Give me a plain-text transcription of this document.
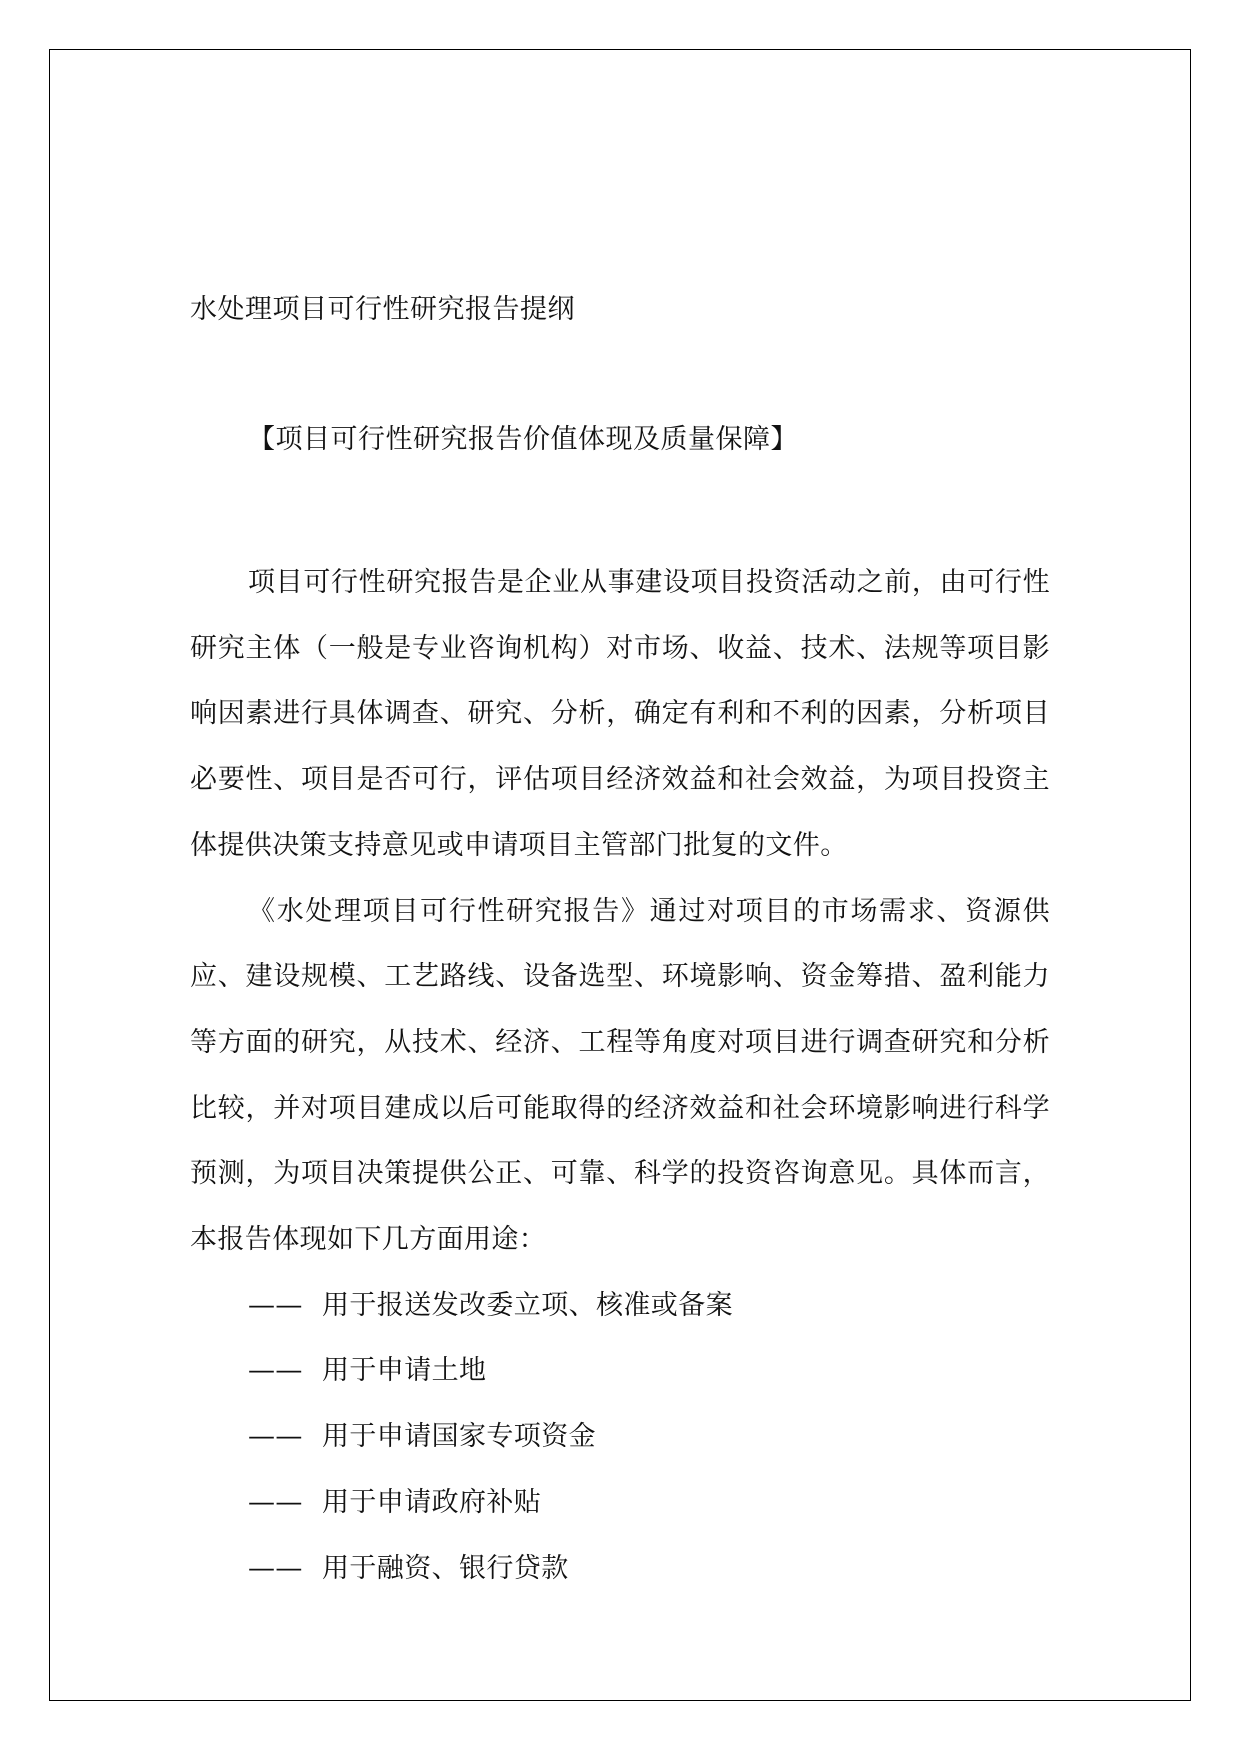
水处理项目可行性研究报告提纲

【项目可行性研究报告价值体现及质量保障】

项目可行性研究报告是企业从事建设项目投资活动之前，由可行性研究主体（一般是专业咨询机构）对市场、收益、技术、法规等项目影响因素进行具体调查、研究、分析，确定有利和不利的因素，分析项目必要性、项目是否可行，评估项目经济效益和社会效益，为项目投资主体提供决策支持意见或申请项目主管部门批复的文件。

《水处理项目可行性研究报告》通过对项目的市场需求、资源供应、建设规模、工艺路线、设备选型、环境影响、资金筹措、盈利能力等方面的研究，从技术、经济、工程等角度对项目进行调查研究和分析比较，并对项目建成以后可能取得的经济效益和社会环境影响进行科学预测，为项目决策提供公正、可靠、科学的投资咨询意见。具体而言，本报告体现如下几方面用途：

—— 用于报送发改委立项、核准或备案
—— 用于申请土地
—— 用于申请国家专项资金
—— 用于申请政府补贴
—— 用于融资、银行贷款
